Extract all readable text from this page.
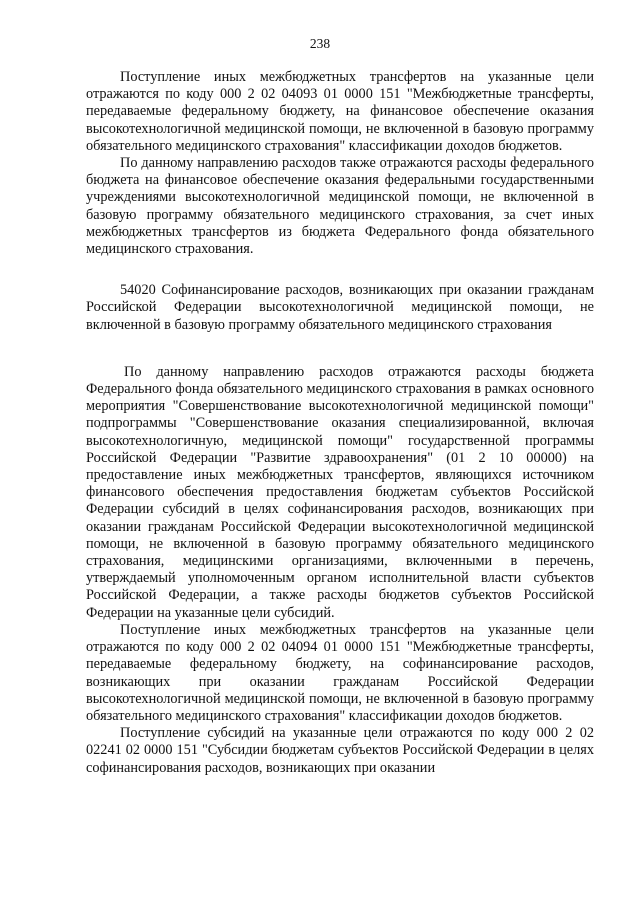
238

Поступление иных межбюджетных трансфертов на указанные цели отражаются по коду 000 2 02 04093 01 0000 151 "Межбюджетные трансферты, передаваемые федеральному бюджету, на финансовое обеспечение оказания высокотехнологичной медицинской помощи, не включенной в базовую программу обязательного медицинского страхования" классификации доходов бюджетов.

По данному направлению расходов также отражаются расходы федерального бюджета на финансовое обеспечение оказания федеральными государственными учреждениями высокотехнологичной медицинской помощи, не включенной в базовую программу обязательного медицинского страхования, за счет иных межбюджетных трансфертов из бюджета Федерального фонда обязательного медицинского страхования.

54020 Софинансирование расходов, возникающих при оказании гражданам Российской Федерации высокотехнологичной медицинской помощи, не включенной в базовую программу обязательного медицинского страхования

По данному направлению расходов отражаются расходы бюджета Федерального фонда обязательного медицинского страхования в рамках основного мероприятия "Совершенствование высокотехнологичной медицинской помощи" подпрограммы "Совершенствование оказания специализированной, включая высокотехнологичную, медицинской помощи" государственной программы Российской Федерации "Развитие здравоохранения" (01 2 10 00000) на предоставление иных межбюджетных трансфертов, являющихся источником финансового обеспечения предоставления бюджетам субъектов Российской Федерации субсидий в целях софинансирования расходов, возникающих при оказании гражданам Российской Федерации высокотехнологичной медицинской помощи, не включенной в базовую программу обязательного медицинского страхования, медицинскими организациями, включенными в перечень, утверждаемый уполномоченным органом исполнительной власти субъектов Российской Федерации, а также расходы бюджетов субъектов Российской Федерации на указанные цели субсидий.

Поступление иных межбюджетных трансфертов на указанные цели отражаются по коду 000 2 02 04094 01 0000 151 "Межбюджетные трансферты, передаваемые федеральному бюджету, на софинансирование расходов, возникающих при оказании гражданам Российской Федерации высокотехнологичной медицинской помощи, не включенной в базовую программу обязательного медицинского страхования" классификации доходов бюджетов.

Поступление субсидий на указанные цели отражаются по коду 000 2 02 02241 02 0000 151 "Субсидии бюджетам субъектов Российской Федерации в целях софинансирования расходов, возникающих при оказании
